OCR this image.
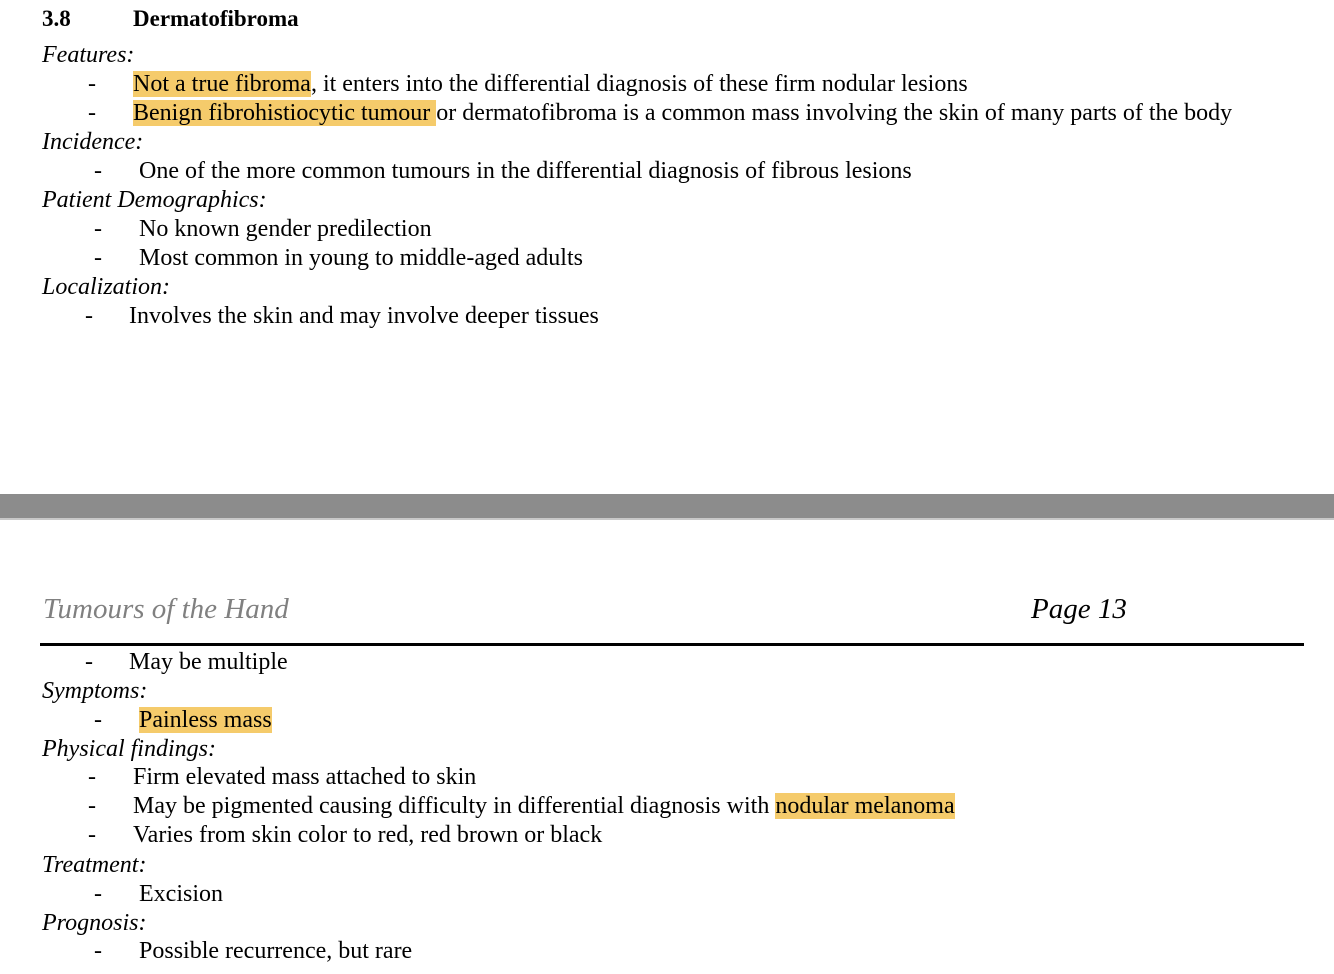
3.8	Dermatofibroma
Features:
- Not a true fibroma, it enters into the differential diagnosis of these firm nodular lesions
- Benign fibrohistiocytic tumour or dermatofibroma is a common mass involving the skin of many parts of the body
Incidence:
- One of the more common tumours in the differential diagnosis of fibrous lesions
Patient Demographics:
- No known gender predilection
- Most common in young to middle-aged adults
Localization:
- Involves the skin and may involve deeper tissues
Tumours of the Hand	Page 13
- May be multiple
Symptoms:
- Painless mass
Physical findings:
- Firm elevated mass attached to skin
- May be pigmented causing difficulty in differential diagnosis with nodular melanoma
- Varies from skin color to red, red brown or black
Treatment:
- Excision
Prognosis:
- Possible recurrence, but rare
